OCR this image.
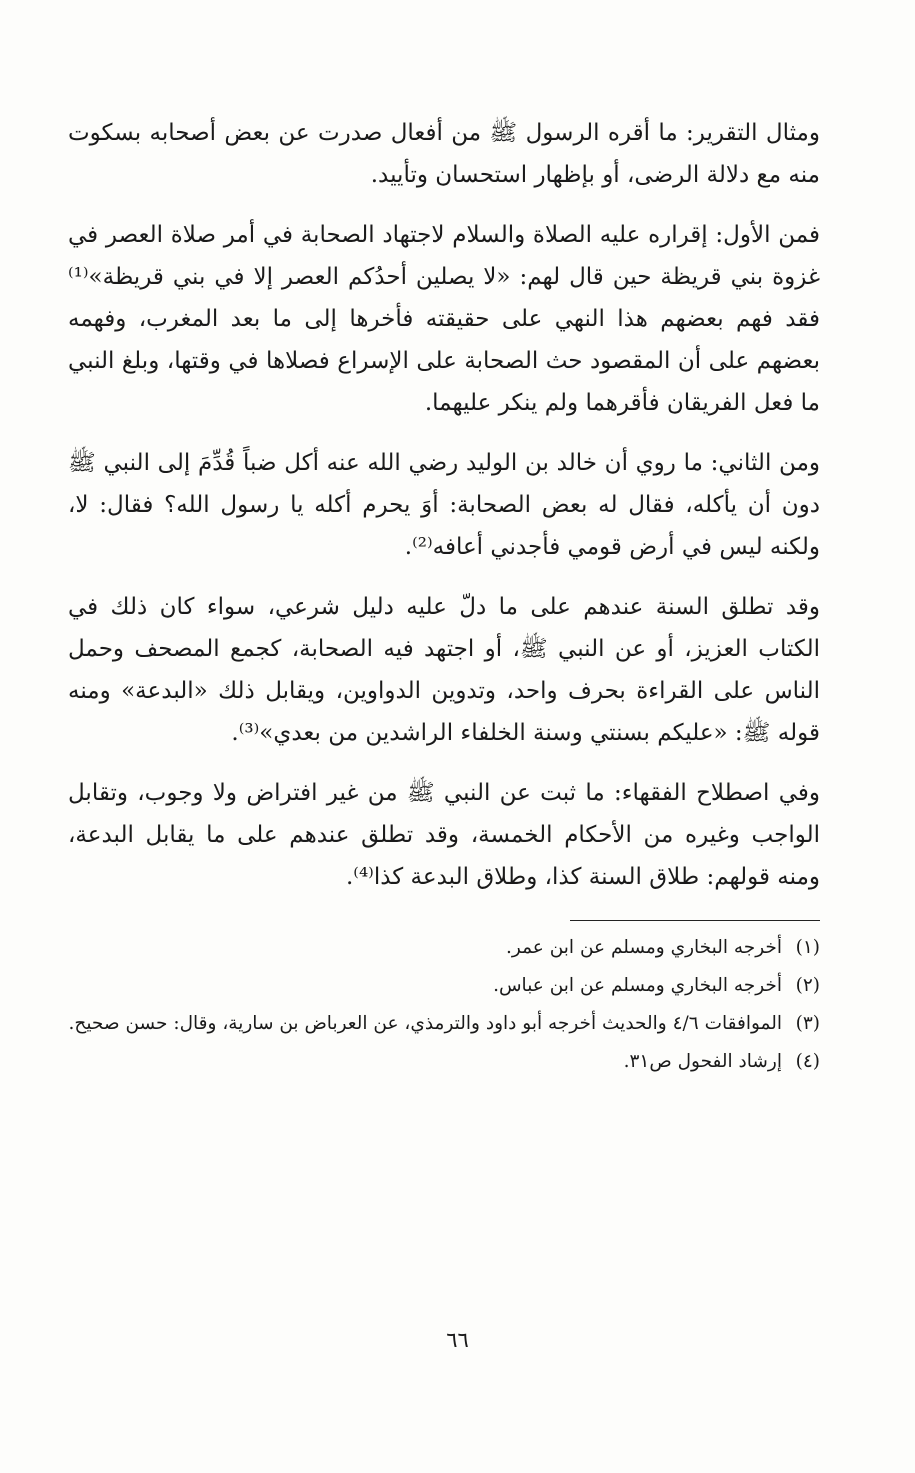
ومثال التقرير: ما أقره الرسول ﷺ من أفعال صدرت عن بعض أصحابه بسكوت منه مع دلالة الرضى، أو بإظهار استحسان وتأييد.

فمن الأول: إقراره عليه الصلاة والسلام لاجتهاد الصحابة في أمر صلاة العصر في غزوة بني قريظة حين قال لهم: «لا يصلين أحدُكم العصر إلا في بني قريظة»⁽¹⁾ فقد فهم بعضهم هذا النهي على حقيقته فأخرها إلى ما بعد المغرب، وفهمه بعضهم على أن المقصود حث الصحابة على الإسراع فصلاها في وقتها، وبلغ النبي ما فعل الفريقان فأقرهما ولم ينكر عليهما.

ومن الثاني: ما روي أن خالد بن الوليد رضي الله عنه أكل ضباً قُدِّمَ إلى النبي ﷺ دون أن يأكله، فقال له بعض الصحابة: أوَ يحرم أكله يا رسول الله؟ فقال: لا، ولكنه ليس في أرض قومي فأجدني أعافه⁽²⁾.

وقد تطلق السنة عندهم على ما دلّ عليه دليل شرعي، سواء كان ذلك في الكتاب العزيز، أو عن النبي ﷺ، أو اجتهد فيه الصحابة، كجمع المصحف وحمل الناس على القراءة بحرف واحد، وتدوين الدواوين، ويقابل ذلك «البدعة» ومنه قوله ﷺ: «عليكم بسنتي وسنة الخلفاء الراشدين من بعدي»⁽³⁾.

وفي اصطلاح الفقهاء: ما ثبت عن النبي ﷺ من غير افتراض ولا وجوب، وتقابل الواجب وغيره من الأحكام الخمسة، وقد تطلق عندهم على ما يقابل البدعة، ومنه قولهم: طلاق السنة كذا، وطلاق البدعة كذا⁽⁴⁾.

(١)
أخرجه البخاري ومسلم عن ابن عمر.
(٢)
أخرجه البخاري ومسلم عن ابن عباس.
(٣)
الموافقات ٤/٦ والحديث أخرجه أبو داود والترمذي، عن العرباض بن سارية، وقال: حسن صحيح.
(٤)
إرشاد الفحول ص٣١.
٦٦
